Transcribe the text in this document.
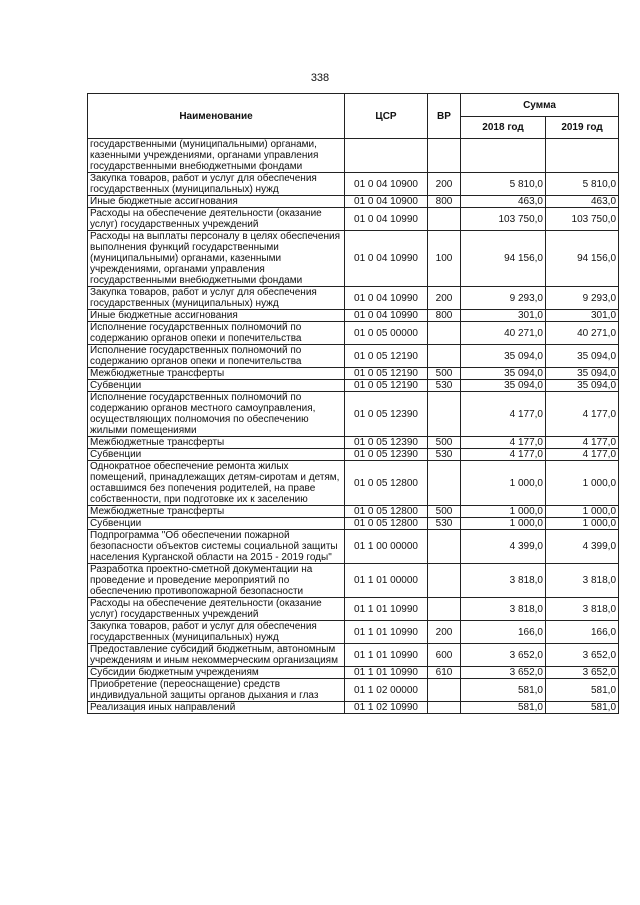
338
Наименование	ЦСР	ВР	Сумма	
			2018 год	2019 год
государственными (муниципальными) органами, казенными учреждениями, органами управления государственными внебюджетными фондами				
Закупка товаров, работ и услуг для обеспечения государственных (муниципальных) нужд	01 0 04 10900	200	5 810,0	5 810,0
Иные бюджетные ассигнования	01 0 04 10900	800	463,0	463,0
Расходы на обеспечение деятельности (оказание услуг) государственных учреждений	01 0 04 10990		103 750,0	103 750,0
Расходы на выплаты персоналу в целях обеспечения выполнения функций государственными (муниципальными) органами, казенными учреждениями, органами управления государственными внебюджетными фондами	01 0 04 10990	100	94 156,0	94 156,0
Закупка товаров, работ и услуг для обеспечения государственных (муниципальных) нужд	01 0 04 10990	200	9 293,0	9 293,0
Иные бюджетные ассигнования	01 0 04 10990	800	301,0	301,0
Исполнение государственных полномочий по содержанию органов опеки и попечительства	01 0 05 00000		40 271,0	40 271,0
Исполнение государственных полномочий по содержанию органов опеки и попечительства	01 0 05 12190		35 094,0	35 094,0
Межбюджетные трансферты	01 0 05 12190	500	35 094,0	35 094,0
Субвенции	01 0 05 12190	530	35 094,0	35 094,0
Исполнение государственных полномочий по содержанию органов местного самоуправления, осуществляющих полномочия по обеспечению жилыми помещениями	01 0 05 12390		4 177,0	4 177,0
Межбюджетные трансферты	01 0 05 12390	500	4 177,0	4 177,0
Субвенции	01 0 05 12390	530	4 177,0	4 177,0
Однократное обеспечение ремонта жилых помещений, принадлежащих детям-сиротам и детям, оставшимся без попечения родителей, на праве собственности, при подготовке их к заселению	01 0 05 12800		1 000,0	1 000,0
Межбюджетные трансферты	01 0 05 12800	500	1 000,0	1 000,0
Субвенции	01 0 05 12800	530	1 000,0	1 000,0
Подпрограмма "Об обеспечении пожарной безопасности объектов системы социальной защиты населения Курганской области на 2015 - 2019 годы"	01 1 00 00000		4 399,0	4 399,0
Разработка проектно-сметной документации на проведение и проведение мероприятий по обеспечению противопожарной безопасности	01 1 01 00000		3 818,0	3 818,0
Расходы на обеспечение деятельности (оказание услуг) государственных учреждений	01 1 01 10990		3 818,0	3 818,0
Закупка товаров, работ и услуг для обеспечения государственных (муниципальных) нужд	01 1 01 10990	200	166,0	166,0
Предоставление субсидий бюджетным, автономным учреждениям и иным некоммерческим организациям	01 1 01 10990	600	3 652,0	3 652,0
Субсидии бюджетным учреждениям	01 1 01 10990	610	3 652,0	3 652,0
Приобретение (переоснащение) средств индивидуальной защиты органов дыхания и глаз	01 1 02 00000		581,0	581,0
Реализация иных направлений	01 1 02 10990		581,0	581,0
